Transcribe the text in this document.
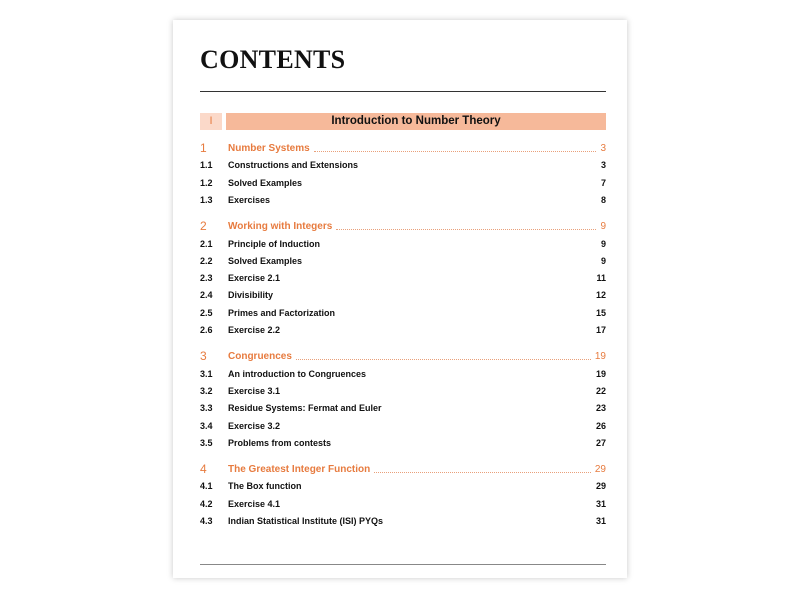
CONTENTS
I	Introduction to Number Theory
1	Number Systems	3
1.1	Constructions and Extensions	3
1.2	Solved Examples	7
1.3	Exercises	8
2	Working with Integers	9
2.1	Principle of Induction	9
2.2	Solved Examples	9
2.3	Exercise 2.1	11
2.4	Divisibility	12
2.5	Primes and Factorization	15
2.6	Exercise 2.2	17
3	Congruences	19
3.1	An introduction to Congruences	19
3.2	Exercise 3.1	22
3.3	Residue Systems: Fermat and Euler	23
3.4	Exercise 3.2	26
3.5	Problems from contests	27
4	The Greatest Integer Function	29
4.1	The Box function	29
4.2	Exercise 4.1	31
4.3	Indian Statistical Institute (ISI) PYQs	31
